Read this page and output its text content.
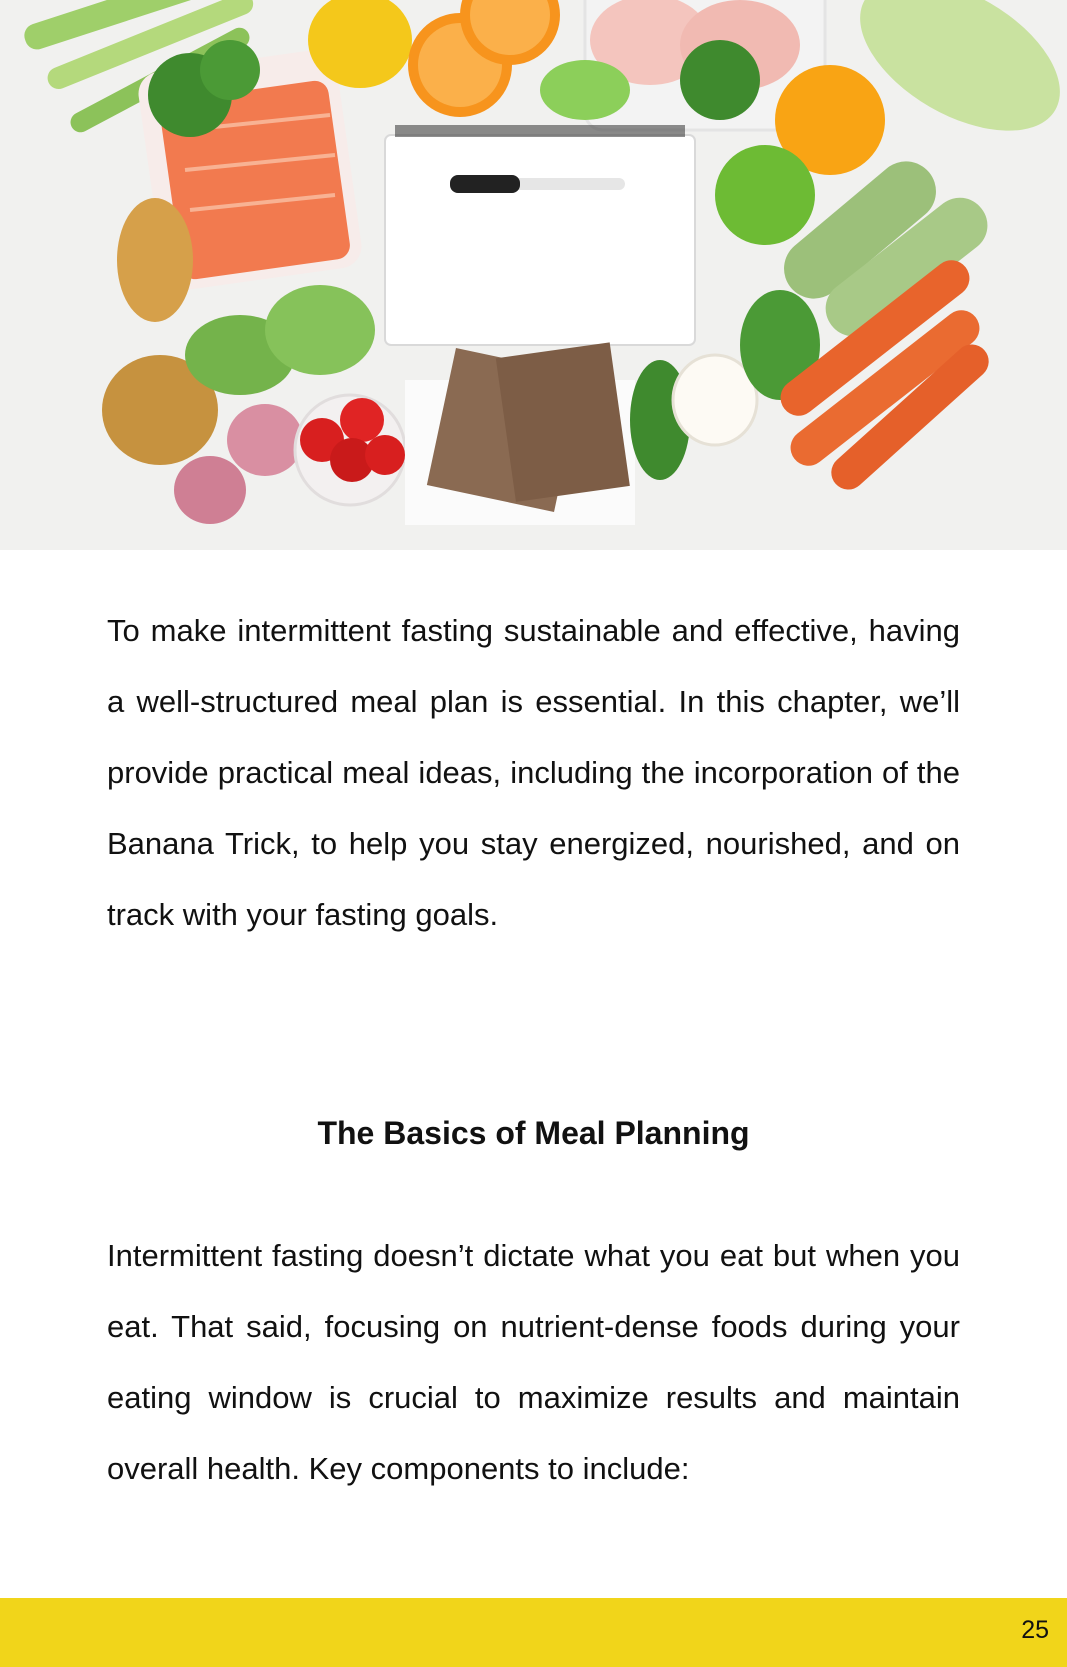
To make intermittent fasting sustainable and effective, having a well-structured meal plan is essential. In this chapter, we’ll provide practical meal ideas, including the incorporation of the Banana Trick, to help you stay energized, nourished, and on track with your fasting goals.

The Basics of Meal Planning

Intermittent fasting doesn’t dictate what you eat but when you eat. That said, focusing on nutrient-dense foods during your eating window is crucial to maximize results and maintain overall health. Key components to include:

25
